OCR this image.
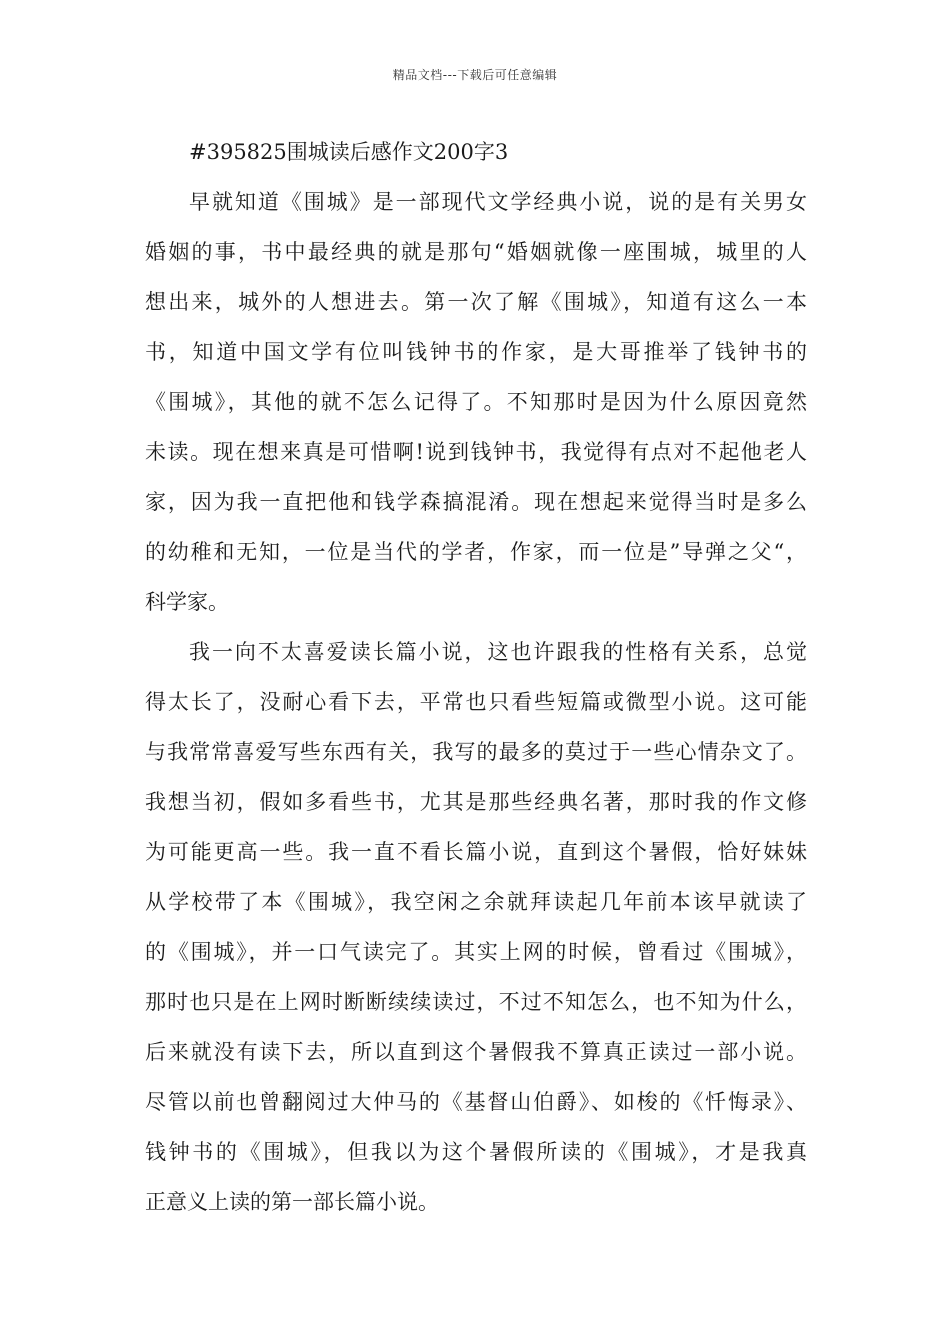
精品文档---下载后可任意编辑
#395825围城读后感作文200字3

早就知道《围城》是一部现代文学经典小说，说的是有关男女
婚姻的事，书中最经典的就是那句“婚姻就像一座围城，城里的人
想出来，城外的人想进去。第一次了解《围城》，知道有这么一本
书，知道中国文学有位叫钱钟书的作家，是大哥推举了钱钟书的
《围城》，其他的就不怎么记得了。不知那时是因为什么原因竟然
未读。现在想来真是可惜啊!说到钱钟书，我觉得有点对不起他老人
家，因为我一直把他和钱学森搞混淆。现在想起来觉得当时是多么
的幼稚和无知，一位是当代的学者，作家，而一位是”导弹之父“，
科学家。

我一向不太喜爱读长篇小说，这也许跟我的性格有关系，总觉
得太长了，没耐心看下去，平常也只看些短篇或微型小说。这可能
与我常常喜爱写些东西有关，我写的最多的莫过于一些心情杂文了。
我想当初，假如多看些书，尤其是那些经典名著，那时我的作文修
为可能更高一些。我一直不看长篇小说，直到这个暑假，恰好妹妹
从学校带了本《围城》，我空闲之余就拜读起几年前本该早就读了
的《围城》，并一口气读完了。其实上网的时候，曾看过《围城》，
那时也只是在上网时断断续续读过，不过不知怎么，也不知为什么，
后来就没有读下去，所以直到这个暑假我不算真正读过一部小说。
尽管以前也曾翻阅过大仲马的《基督山伯爵》、如梭的《忏悔录》、
钱钟书的《围城》，但我以为这个暑假所读的《围城》，才是我真
正意义上读的第一部长篇小说。
